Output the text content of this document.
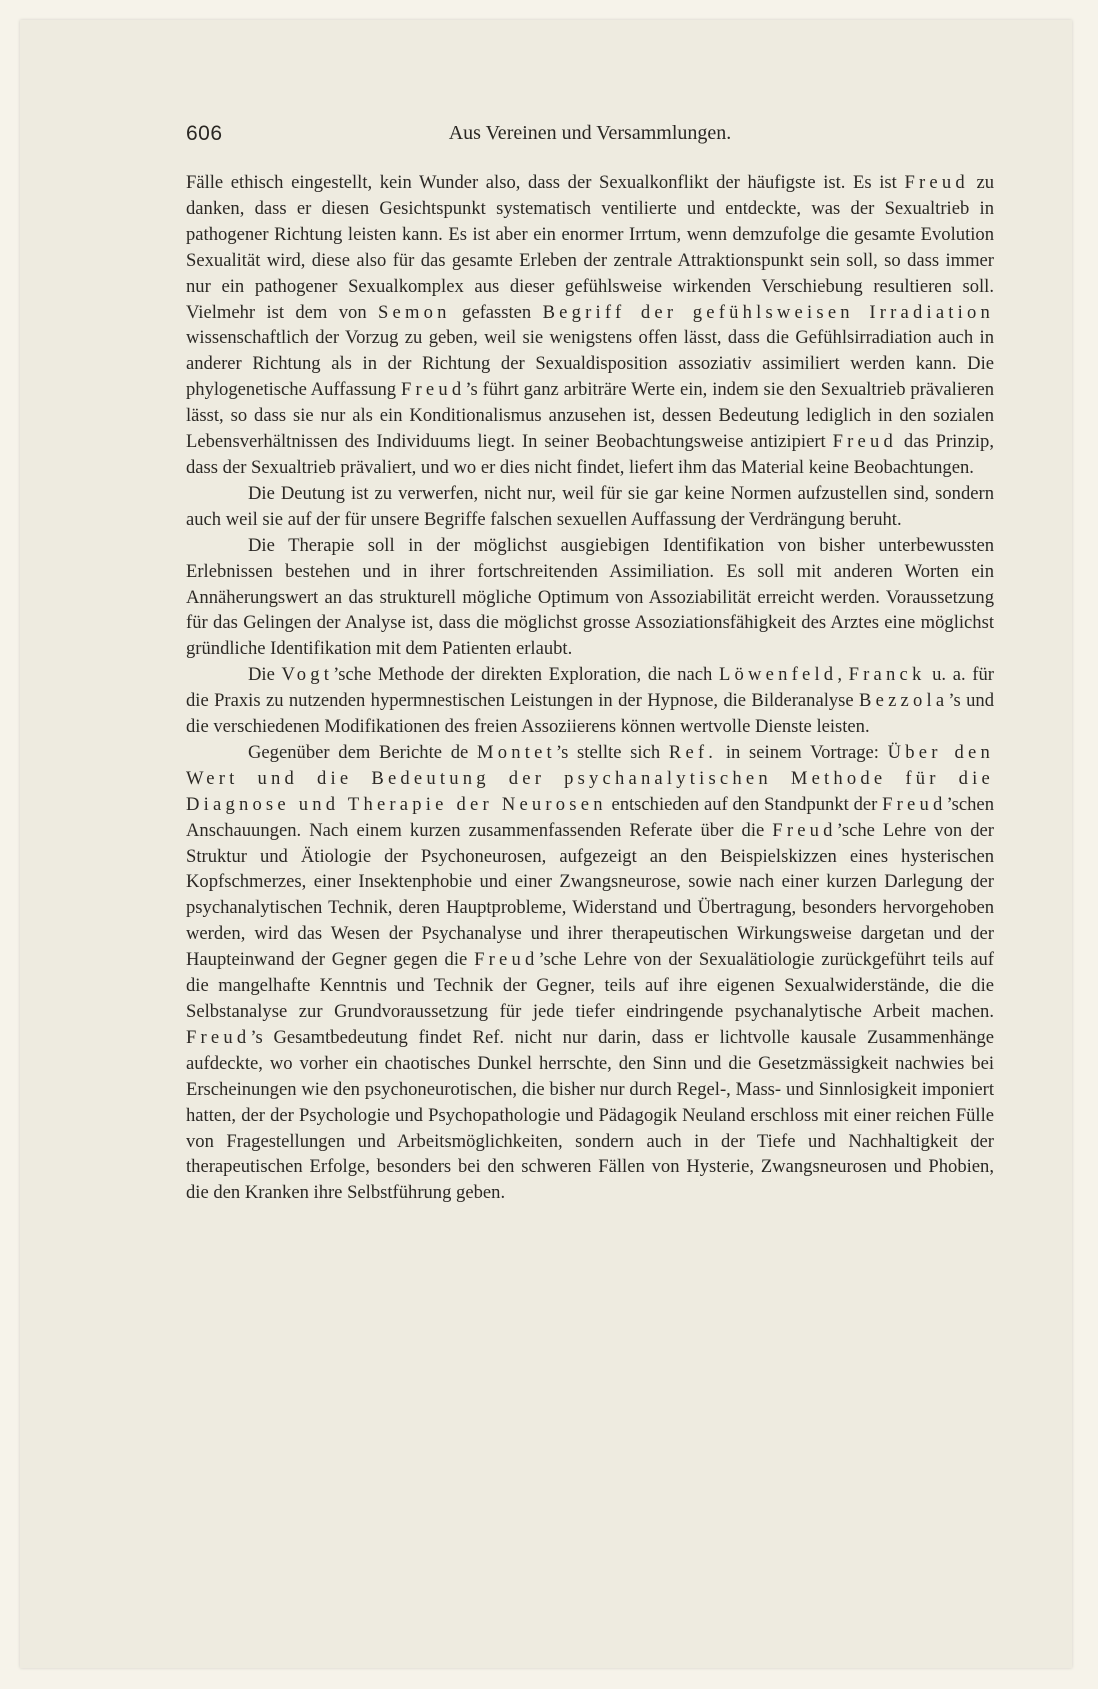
606	Aus Vereinen und Versammlungen.

Fälle ethisch eingestellt, kein Wunder also, dass der Sexualkonflikt der häufigste ist. Es ist Freud zu danken, dass er diesen Gesichtspunkt systematisch ventilierte und entdeckte, was der Sexualtrieb in pathogener Richtung leisten kann. Es ist aber ein enormer Irrtum, wenn demzufolge die gesamte Evolution Sexualität wird, diese also für das gesamte Erleben der zentrale Attraktionspunkt sein soll, so dass immer nur ein pathogener Sexualkomplex aus dieser gefühlsweise wirkenden Verschiebung resultieren soll. Vielmehr ist dem von Semon gefassten Begriff der gefühlsweisen Irradiation wissenschaftlich der Vorzug zu geben, weil sie wenigstens offen lässt, dass die Gefühlsirradiation auch in anderer Richtung als in der Richtung der Sexualdisposition assoziativ assimiliert werden kann. Die phylogenetische Auffassung Freud’s führt ganz arbiträre Werte ein, indem sie den Sexualtrieb prävalieren lässt, so dass sie nur als ein Konditionalismus anzusehen ist, dessen Bedeutung lediglich in den sozialen Lebensverhältnissen des Individuums liegt. In seiner Beobachtungsweise antizipiert Freud das Prinzip, dass der Sexualtrieb prävaliert, und wo er dies nicht findet, liefert ihm das Material keine Beobachtungen.

Die Deutung ist zu verwerfen, nicht nur, weil für sie gar keine Normen aufzustellen sind, sondern auch weil sie auf der für unsere Begriffe falschen sexuellen Auffassung der Verdrängung beruht.

Die Therapie soll in der möglichst ausgiebigen Identifikation von bisher unterbewussten Erlebnissen bestehen und in ihrer fortschreitenden Assimiliation. Es soll mit anderen Worten ein Annäherungswert an das strukturell mögliche Optimum von Assoziabilität erreicht werden. Voraussetzung für das Gelingen der Analyse ist, dass die möglichst grosse Assoziationsfähigkeit des Arztes eine möglichst gründliche Identifikation mit dem Patienten erlaubt.

Die Vogt’sche Methode der direkten Exploration, die nach Löwenfeld, Franck u. a. für die Praxis zu nutzenden hypermnestischen Leistungen in der Hypnose, die Bilderanalyse Bezzola’s und die verschiedenen Modifikationen des freien Assoziierens können wertvolle Dienste leisten.

Gegenüber dem Berichte de Montet’s stellte sich Ref. in seinem Vortrage: Über den Wert und die Bedeutung der psychanalytischen Methode für die Diagnose und Therapie der Neurosen entschieden auf den Standpunkt der Freud’schen Anschauungen. Nach einem kurzen zusammenfassenden Referate über die Freud’sche Lehre von der Struktur und Ätiologie der Psychoneurosen, aufgezeigt an den Beispielskizzen eines hysterischen Kopfschmerzes, einer Insektenphobie und einer Zwangsneurose, sowie nach einer kurzen Darlegung der psychanalytischen Technik, deren Hauptprobleme, Widerstand und Übertragung, besonders hervorgehoben werden, wird das Wesen der Psychanalyse und ihrer therapeutischen Wirkungsweise dargetan und der Haupteinwand der Gegner gegen die Freud’sche Lehre von der Sexualätiologie zurückgeführt teils auf die mangelhafte Kenntnis und Technik der Gegner, teils auf ihre eigenen Sexualwiderstände, die die Selbstanalyse zur Grundvoraussetzung für jede tiefer eindringende psychanalytische Arbeit machen. Freud’s Gesamtbedeutung findet Ref. nicht nur darin, dass er lichtvolle kausale Zusammenhänge aufdeckte, wo vorher ein chaotisches Dunkel herrschte, den Sinn und die Gesetzmässigkeit nachwies bei Erscheinungen wie den psychoneurotischen, die bisher nur durch Regel-, Mass- und Sinnlosigkeit imponiert hatten, der der Psychologie und Psychopathologie und Pädagogik Neuland erschloss mit einer reichen Fülle von Fragestellungen und Arbeitsmöglichkeiten, sondern auch in der Tiefe und Nachhaltigkeit der therapeutischen Erfolge, besonders bei den schweren Fällen von Hysterie, Zwangsneurosen und Phobien, die den Kranken ihre Selbstführung geben.
